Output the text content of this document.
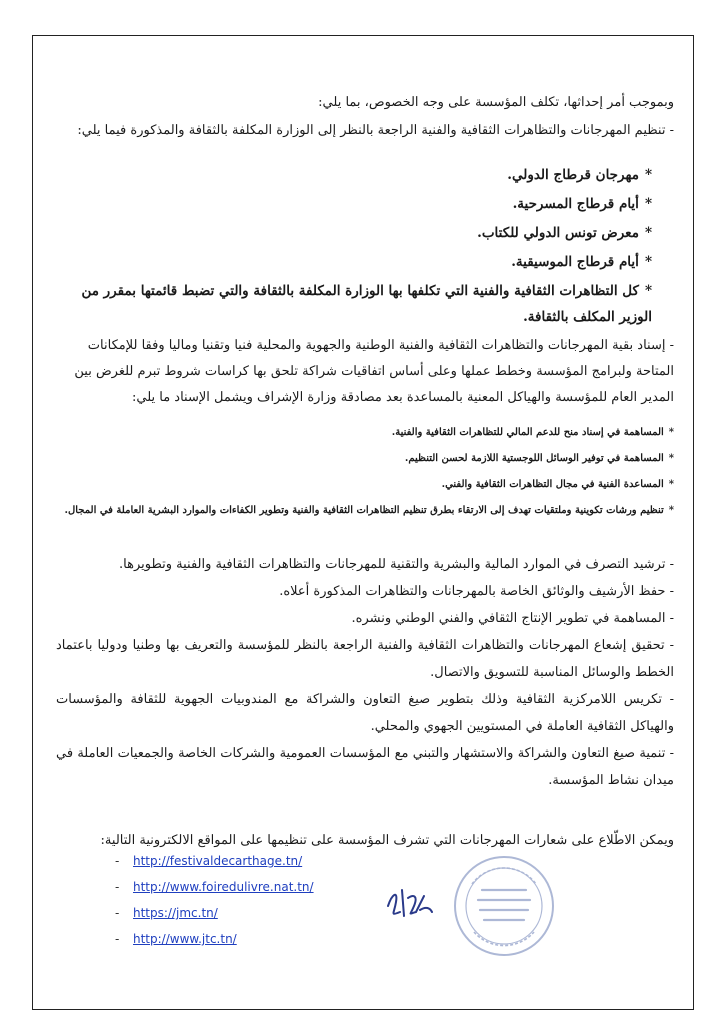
وبموجب أمر إحداثها، تكلف المؤسسة على وجه الخصوص، بما يلي:

- تنظيم المهرجانات والتظاهرات الثقافية والفنية الراجعة بالنظر إلى الوزارة المكلفة بالثقافة والمذكورة فيما يلي:

*مهرجان قرطاج الدولي.
*أيام قرطاج المسرحية.
*معرض تونس الدولي للكتاب.
*أيام قرطاج الموسيقية.
*كل التظاهرات الثقافية والفنية التي تكلفها بها الوزارة المكلفة بالثقافة والتي تضبط قائمتها بمقرر من الوزير المكلف بالثقافة.

- إسناد بقية المهرجانات والتظاهرات الثقافية والفنية الوطنية والجهوية والمحلية فنيا وتقنيا وماليا وفقا للإمكانات المتاحة ولبرامج المؤسسة وخطط عملها وعلى أساس اتفاقيات شراكة تلحق بها كراسات شروط تبرم للغرض بين المدير العام للمؤسسة والهياكل المعنية بالمساعدة بعد مصادقة وزارة الإشراف ويشمل الإسناد ما يلي:

*المساهمة في إسناد منح للدعم المالي للتظاهرات الثقافية والفنية.
*المساهمة في توفير الوسائل اللوجستية اللازمة لحسن التنظيم.
*المساعدة الفنية في مجال التظاهرات الثقافية والفني.
*تنظيم ورشات تكوينية وملتقيات تهدف إلى الارتقاء بطرق تنظيم التظاهرات الثقافية والفنية وتطوير الكفاءات والموارد البشرية العاملة في المجال.

- ترشيد التصرف في الموارد المالية والبشرية والتقنية للمهرجانات والتظاهرات الثقافية والفنية وتطويرها.

- حفظ الأرشيف والوثائق الخاصة بالمهرجانات والتظاهرات المذكورة أعلاه.

- المساهمة في تطوير الإنتاج الثقافي والفني الوطني ونشره.

- تحقيق إشعاع المهرجانات والتظاهرات الثقافية والفنية الراجعة بالنظر للمؤسسة والتعريف بها وطنيا ودوليا باعتماد الخطط والوسائل المناسبة للتسويق والاتصال.

- تكريس اللامركزية الثقافية وذلك بتطوير صيغ التعاون والشراكة مع المندوبيات الجهوية للثقافة والمؤسسات والهياكل الثقافية العاملة في المستويين الجهوي والمحلي.

- تنمية صيغ التعاون والشراكة والاستشهار والتبني مع المؤسسات العمومية والشركات الخاصة والجمعيات العاملة في ميدان نشاط المؤسسة.

ويمكن الاطّلاع على شعارات المهرجانات التي تشرف المؤسسة على تنظيمها على المواقع الالكترونية التالية:

- http://festivaldecarthage.tn/
- http://www.foiredulivre.nat.tn/
- https://jmc.tn/
- http://www.jtc.tn/
